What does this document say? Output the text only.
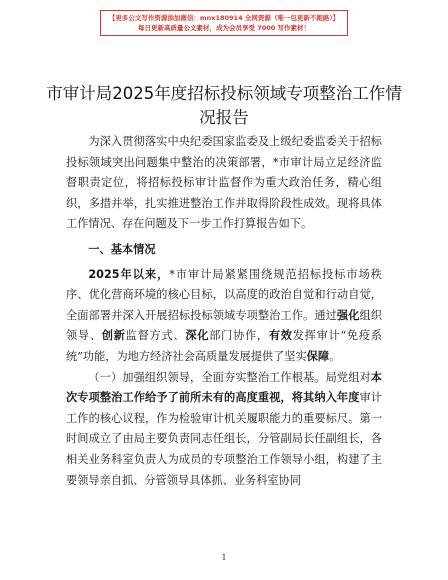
【更多公文写作资源添加微信：mnx180914 全网资源（唯一包更新不跑路）】
每日更新高质量公文素材，成为会员享受 7000 写作素材！
市审计局2025年度招标投标领域专项整治工作情况报告

为深入贯彻落实中央纪委国家监委及上级纪委监委关于招标投标领域突出问题集中整治的决策部署，*市审计局立足经济监督职责定位，将招标投标审计监督作为重大政治任务，精心组织，多措并举，扎实推进整治工作并取得阶段性成效。现将具体工作情况、存在问题及下一步工作打算报告如下。

一、基本情况

2025年以来，*市审计局紧紧围绕规范招标投标市场秩序、优化营商环境的核心目标，以高度的政治自觉和行动自觉，全面部署并深入开展招标投标领域专项整治工作。通过强化组织领导、创新监督方式、深化部门协作，有效发挥审计“免疫系统”功能，为地方经济社会高质量发展提供了坚实保障。

（一）加强组织领导，全面夯实整治工作根基。局党组对本次专项整治工作给予了前所未有的高度重视，将其纳入年度审计工作的核心议程，作为检验审计机关履职能力的重要标尺。第一时间成立了由局主要负责同志任组长，分管副局长任副组长，各相关业务科室负责人为成员的专项整治工作领导小组，构建了主要领导亲自抓、分管领导具体抓、业务科室协同

1
